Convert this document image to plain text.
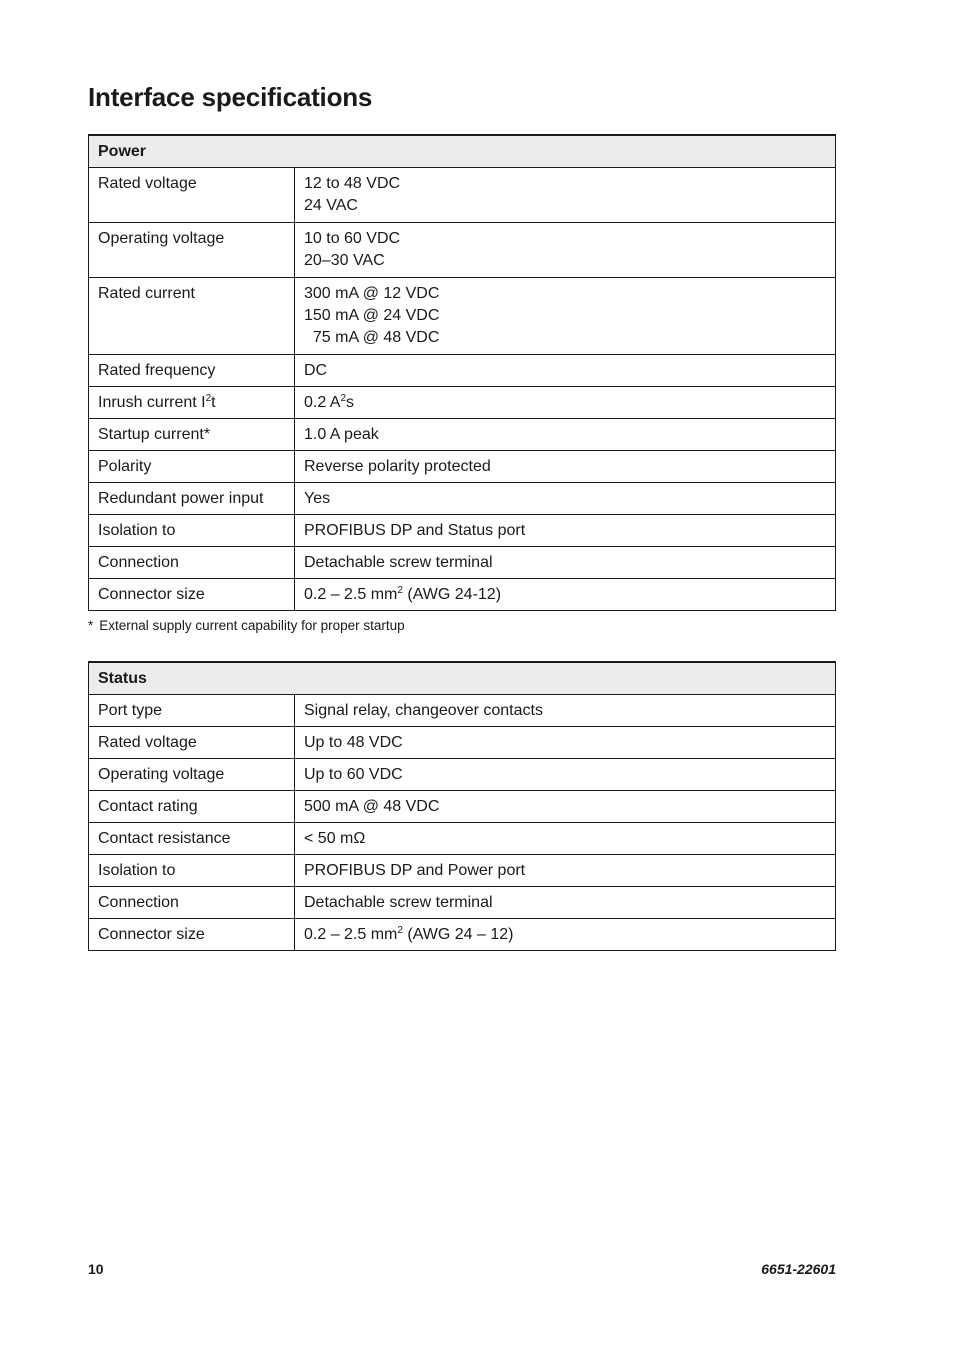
Interface specifications
Power	
Rated voltage	12 to 48 VDC
24 VAC

Operating voltage	10 to 60 VDC
20–30 VAC

Rated current	300 mA @ 12 VDC
150 mA @ 24 VDC
75 mA @ 48 VDC

Rated frequency	DC
Inrush current $I^2t$	0.2 $A^2s$
Startup current*	1.0 A peak
Polarity	Reverse polarity protected
Redundant power input	Yes
Isolation to	PROFIBUS DP and Status port
Connection	Detachable screw terminal
Connector size	0.2 – 2.5 $mm^2$ (AWG 24-12)
* External supply current capability for proper startup
Status	
Port type	Signal relay, changeover contacts
Rated voltage	Up to 48 VDC
Operating voltage	Up to 60 VDC
Contact rating	500 mA @ 48 VDC
Contact resistance	< 50 mΩ
Isolation to	PROFIBUS DP and Power port
Connection	Detachable screw terminal
Connector size	0.2 – 2.5 $mm^2$ (AWG 24 – 12)
10	6651-22601
